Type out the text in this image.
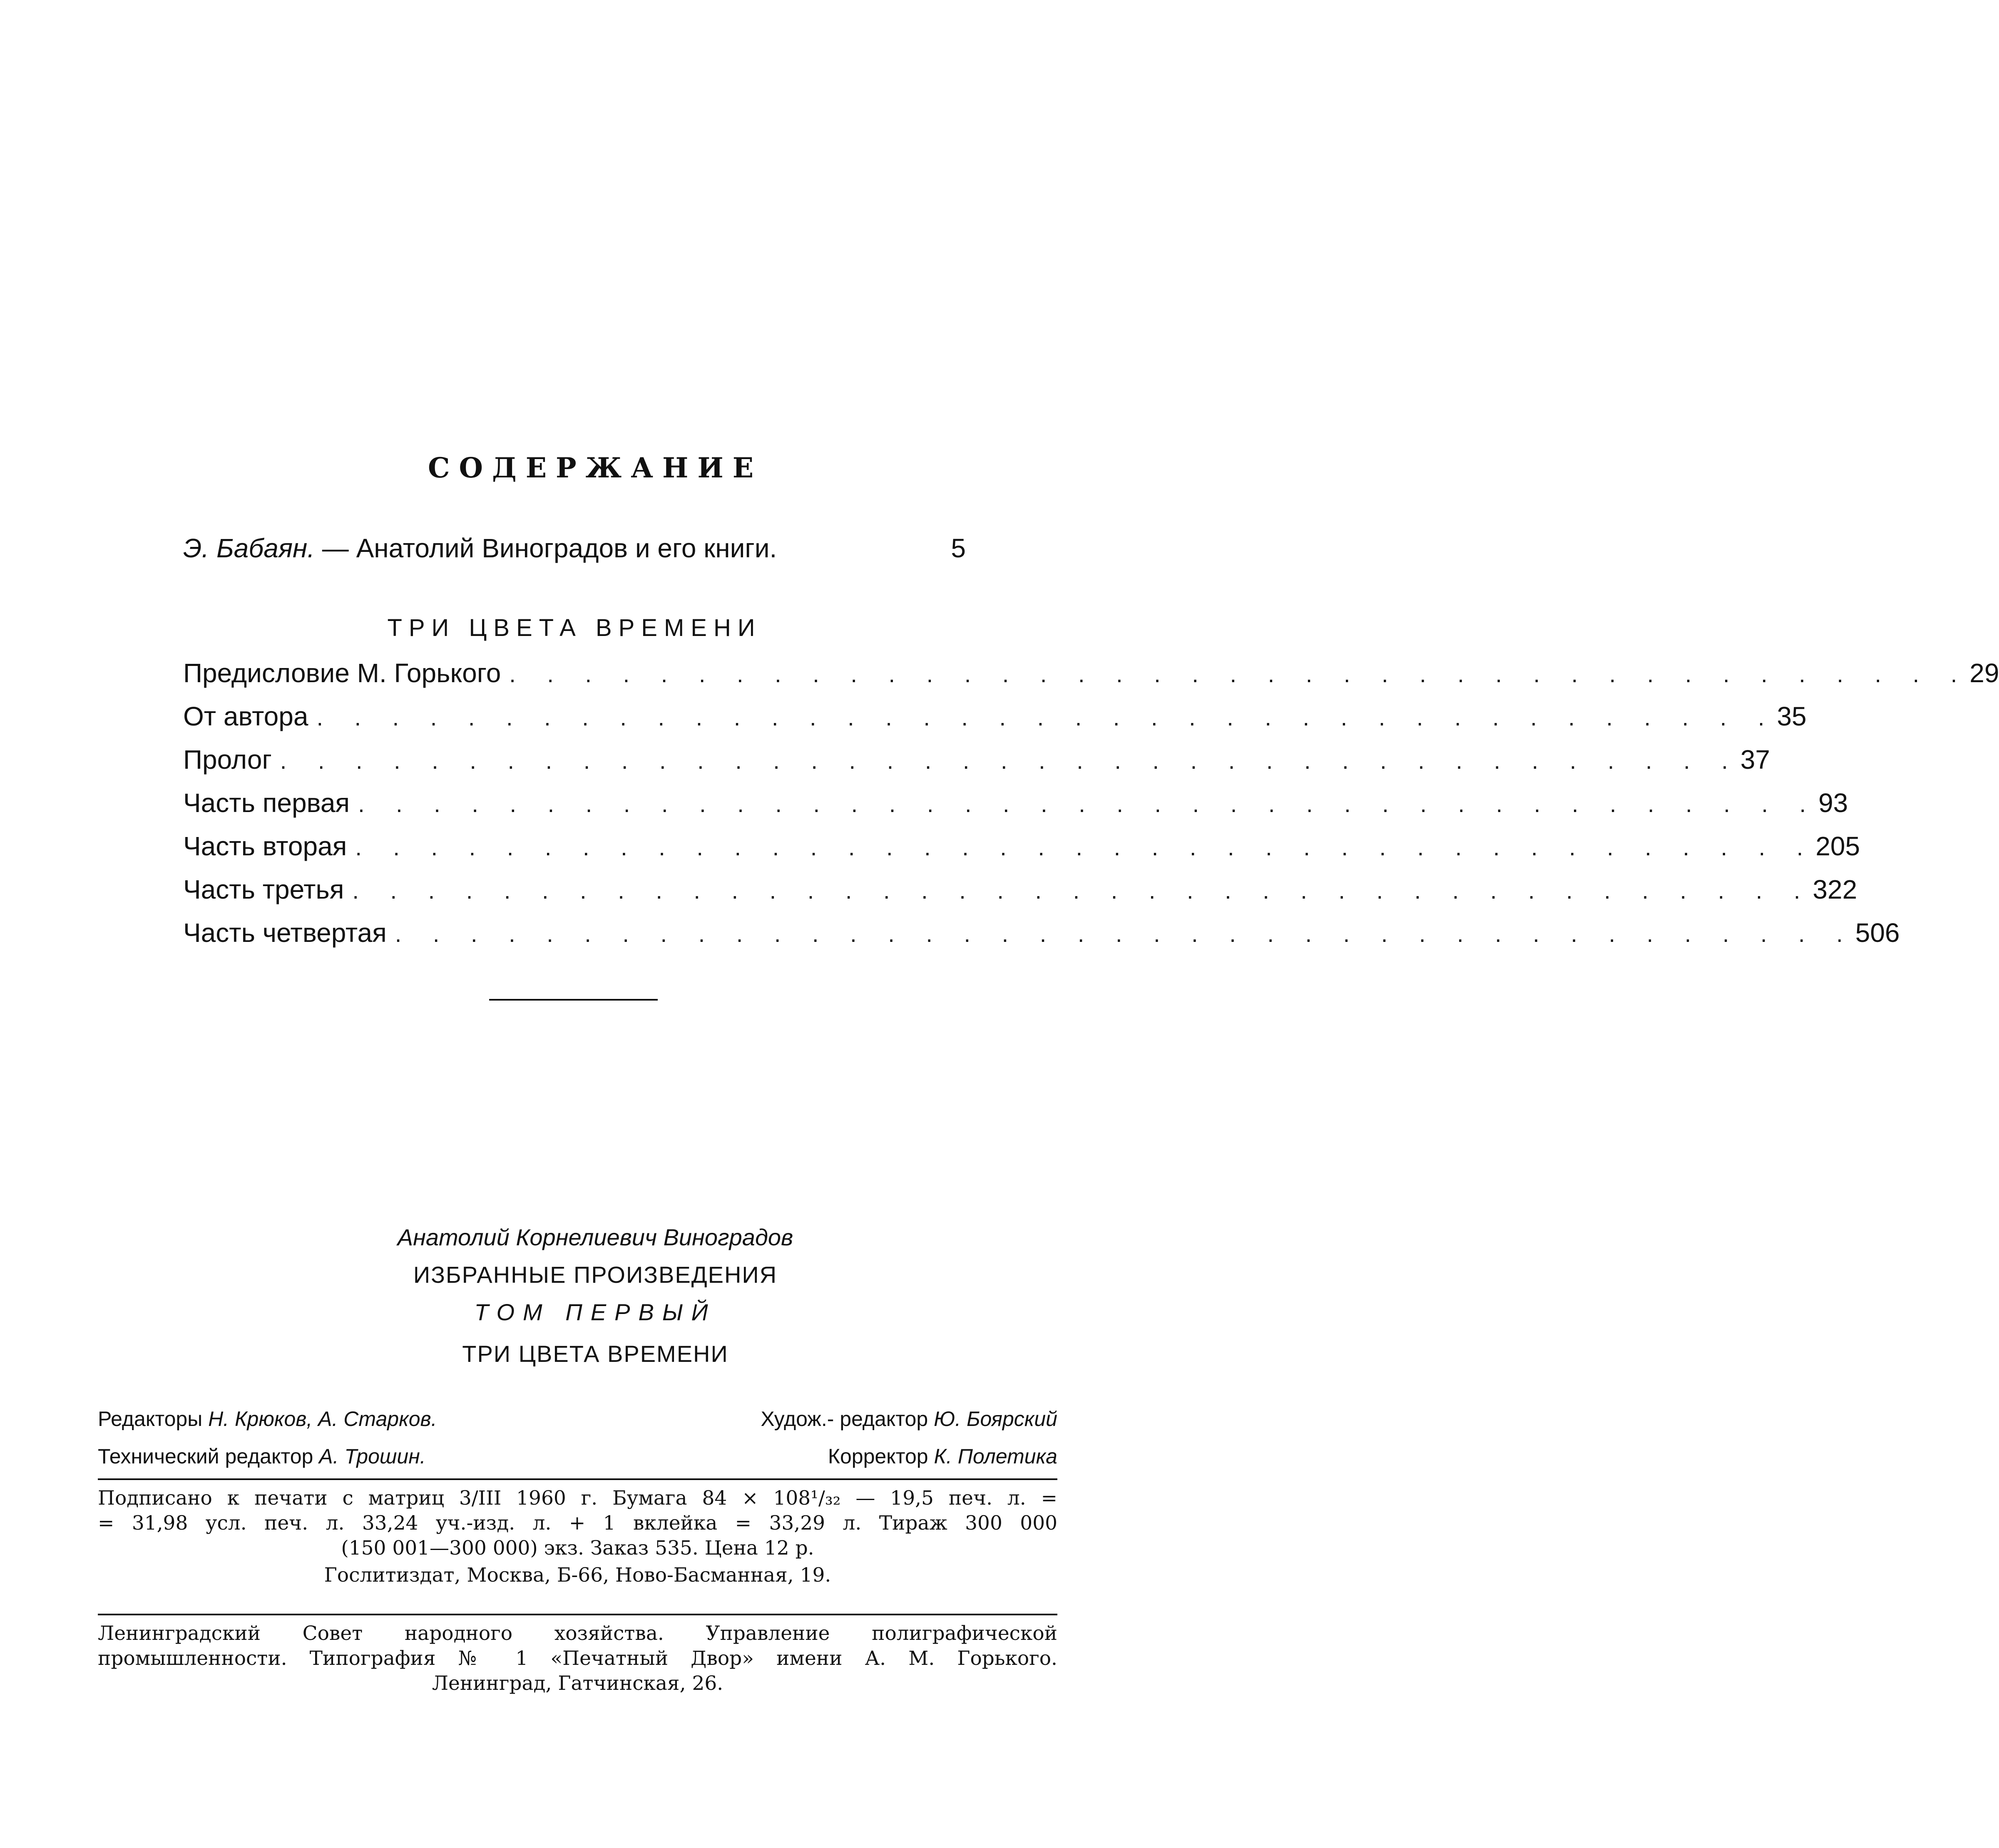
СОДЕРЖАНИЕ
Э. Бабаян. — Анатолий Виноградов и его книги.	5
ТРИ ЦВЕТА ВРЕМЕНИ
Предисловие М. Горького . . . . . . . . . . . . . . . . . . . . . . . . . . . . . . . . . . . . . . . 29
От автора . . . . . . . . . . . . . . . . . . . . . . . . . . . . . . . . . . . . . . . 35
Пролог . . . . . . . . . . . . . . . . . . . . . . . . . . . . . . . . . . . . . . . 37
Часть первая . . . . . . . . . . . . . . . . . . . . . . . . . . . . . . . . . . . . . . . 93
Часть вторая . . . . . . . . . . . . . . . . . . . . . . . . . . . . . . . . . . . . . . . 205
Часть третья . . . . . . . . . . . . . . . . . . . . . . . . . . . . . . . . . . . . . . . 322
Часть четвертая . . . . . . . . . . . . . . . . . . . . . . . . . . . . . . . . . . . . . . . 506
Анатолий Корнелиевич Виноградов
ИЗБРАННЫЕ ПРОИЗВЕДЕНИЯ
ТОМ ПЕРВЫЙ
ТРИ ЦВЕТА ВРЕМЕНИ
Редакторы Н. Крюков, А. Старков.	Худож.- редактор Ю. Боярский
Технический редактор А. Трошин.	Корректор К. Полетика

Подписано к печати с матриц 3/III 1960 г. Бумага 84 × 108¹/₃₂ — 19,5 печ. л. =

= 31,98 усл. печ. л. 33,24 уч.-изд. л. + 1 вклейка = 33,29 л. Тираж 300 000

(150 001—300 000) экз. Заказ 535. Цена 12 р.

Гослитиздат, Москва, Б-66, Ново-Басманная, 19.

Ленинградский Совет народного хозяйства. Управление полиграфической

промышленности. Типография № 1 «Печатный Двор» имени А. М. Горького.

Ленинград, Гатчинская, 26.
